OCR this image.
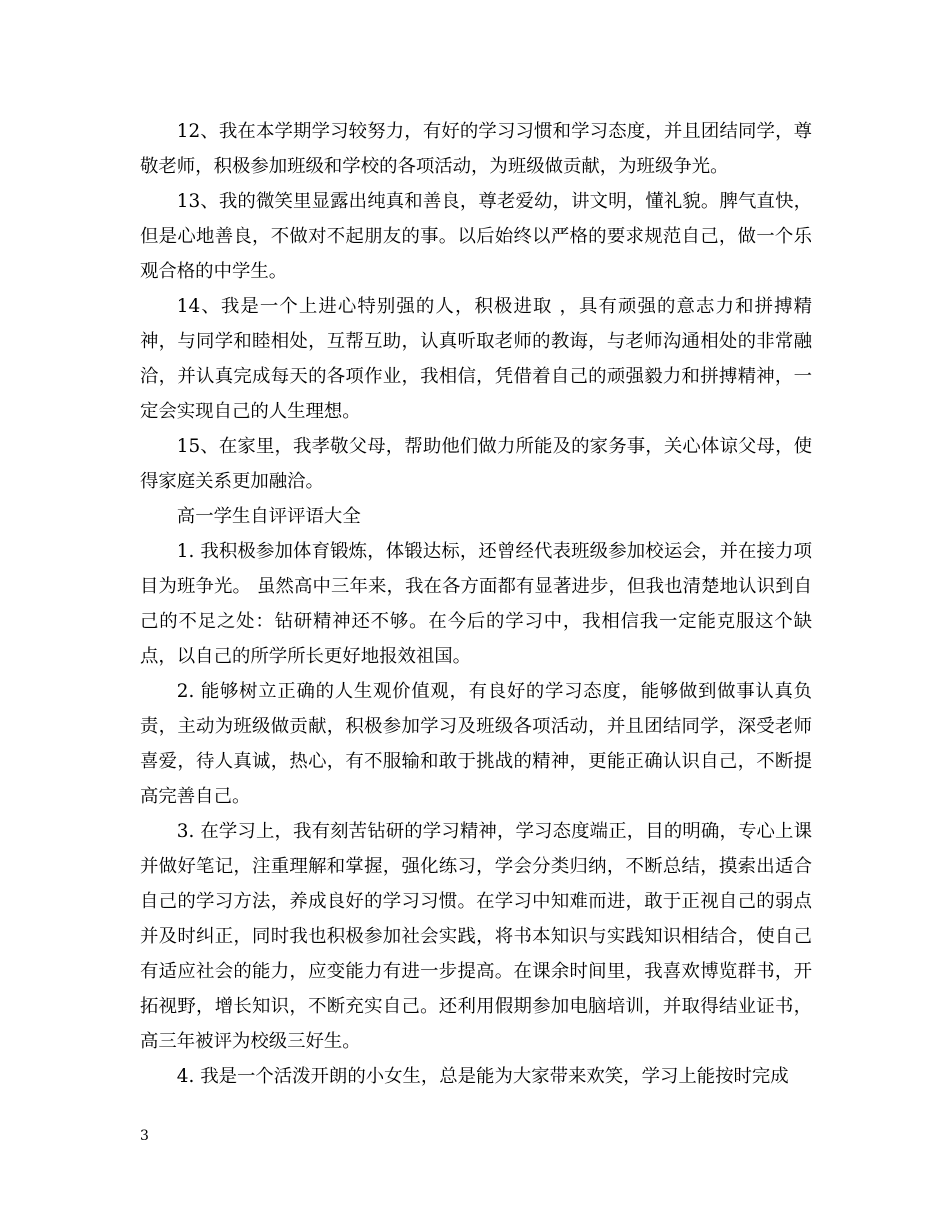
12、我在本学期学习较努力，有好的学习习惯和学习态度，并且团结同学，尊敬老师，积极参加班级和学校的各项活动，为班级做贡献，为班级争光。

13、我的微笑里显露出纯真和善良，尊老爱幼，讲文明，懂礼貌。脾气直快，但是心地善良，不做对不起朋友的事。以后始终以严格的要求规范自己，做一个乐观合格的中学生。

14、我是一个上进心特别强的人，积极进取 ，具有顽强的意志力和拼搏精神，与同学和睦相处，互帮互助，认真听取老师的教诲，与老师沟通相处的非常融洽，并认真完成每天的各项作业，我相信，凭借着自己的顽强毅力和拼搏精神，一定会实现自己的人生理想。

15、在家里，我孝敬父母，帮助他们做力所能及的家务事，关心体谅父母，使得家庭关系更加融洽。

高一学生自评评语大全

1. 我积极参加体育锻炼，体锻达标，还曾经代表班级参加校运会，并在接力项目为班争光。 虽然高中三年来，我在各方面都有显著进步，但我也清楚地认识到自己的不足之处：钻研精神还不够。在今后的学习中，我相信我一定能克服这个缺点，以自己的所学所长更好地报效祖国。

2. 能够树立正确的人生观价值观，有良好的学习态度，能够做到做事认真负责，主动为班级做贡献，积极参加学习及班级各项活动，并且团结同学，深受老师喜爱，待人真诚，热心，有不服输和敢于挑战的精神，更能正确认识自己，不断提高完善自己。

3. 在学习上，我有刻苦钻研的学习精神，学习态度端正，目的明确，专心上课并做好笔记，注重理解和掌握，强化练习，学会分类归纳，不断总结，摸索出适合自己的学习方法，养成良好的学习习惯。在学习中知难而进，敢于正视自己的弱点并及时纠正，同时我也积极参加社会实践，将书本知识与实践知识相结合，使自己有适应社会的能力，应变能力有进一步提高。在课余时间里，我喜欢博览群书，开拓视野，增长知识，不断充实自己。还利用假期参加电脑培训，并取得结业证书，高三年被评为校级三好生。

4. 我是一个活泼开朗的小女生，总是能为大家带来欢笑，学习上能按时完成

3
